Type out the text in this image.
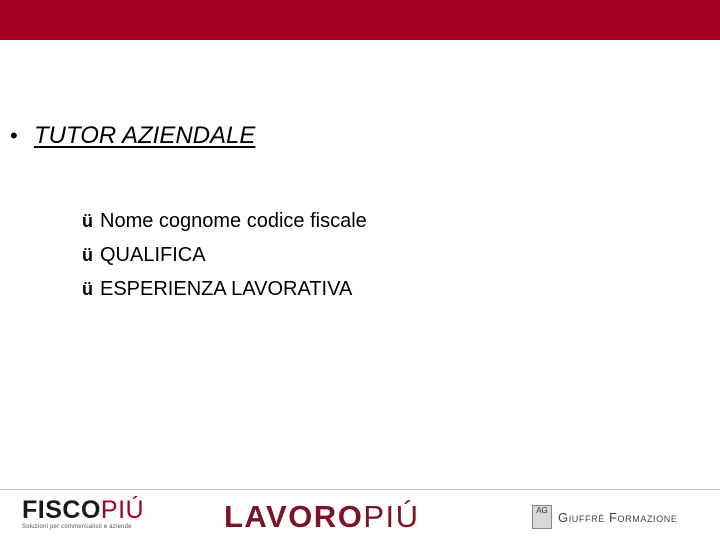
• TUTOR AZIENDALE
ü Nome cognome codice fiscale
ü QUALIFICA
ü ESPERIENZA LAVORATIVA
FISCOPIÚ
Soluzioni per commercialisti e aziende	LAVOROPIÚ	AG Giuffrè Formazione
